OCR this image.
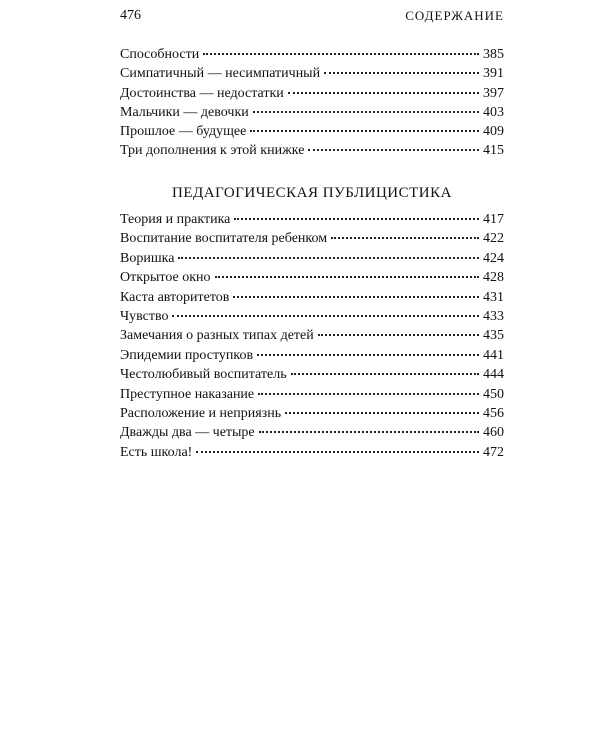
476	СОДЕРЖАНИЕ
Способности	385
Симпатичный — несимпатичный	391
Достоинства — недостатки	397
Мальчики — девочки	403
Прошлое — будущее	409
Три дополнения к этой книжке	415
ПЕДАГОГИЧЕСКАЯ ПУБЛИЦИСТИКА
Теория и практика	417
Воспитание воспитателя ребенком	422
Воришка	424
Открытое окно	428
Каста авторитетов	431
Чувство	433
Замечания о разных типах детей	435
Эпидемии проступков	441
Честолюбивый воспитатель	444
Преступное наказание	450
Расположение и неприязнь	456
Дважды два — четыре	460
Есть школа!	472
